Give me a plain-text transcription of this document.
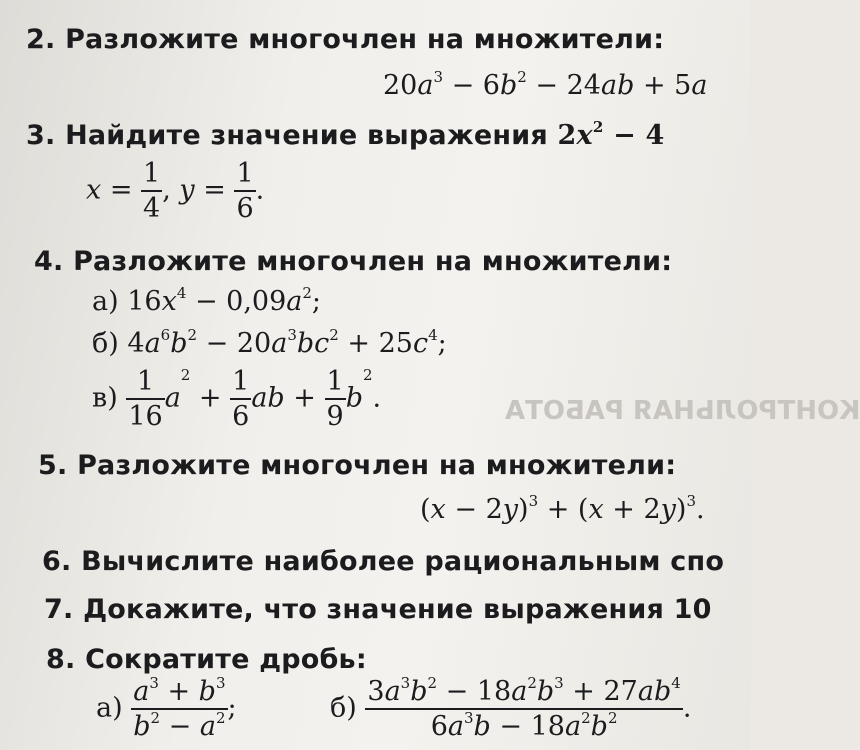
КОНТРОЛЬНАЯ РАБОТА
2. Разложите многочлен на множители:
$20a^3 - 6b^2 - 24ab + 5a$
3. Найдите значение выражения $2x^2 - 4$
$x = \frac{1}{4}$ , $y = \frac{1}{6}$ .
4. Разложите многочлен на множители:
а) $16x^4 - 0,09a^2$;
б) $4a^6b^2 - 20a^3bc^2 + 25c^4$;
$в) \frac{1}{16} a^2 + \frac{1}{6}$ ab + $\frac{1}{9} b^2$.
5. Разложите многочлен на множители:
$(x - 2y)^3 + (x + 2y)^3$.
6. Вычислите наиболее рациональным спо
7. Докажите, что значение выражения 10
8. Сократите дробь:
$а) \frac{a^3 + b^3}{b^2 - a^2}$ ;	$б) \frac{3a^3b^2 - 18a^2b^3 + 27ab^4}{6a^3b - 18a^2b^2}$ .
